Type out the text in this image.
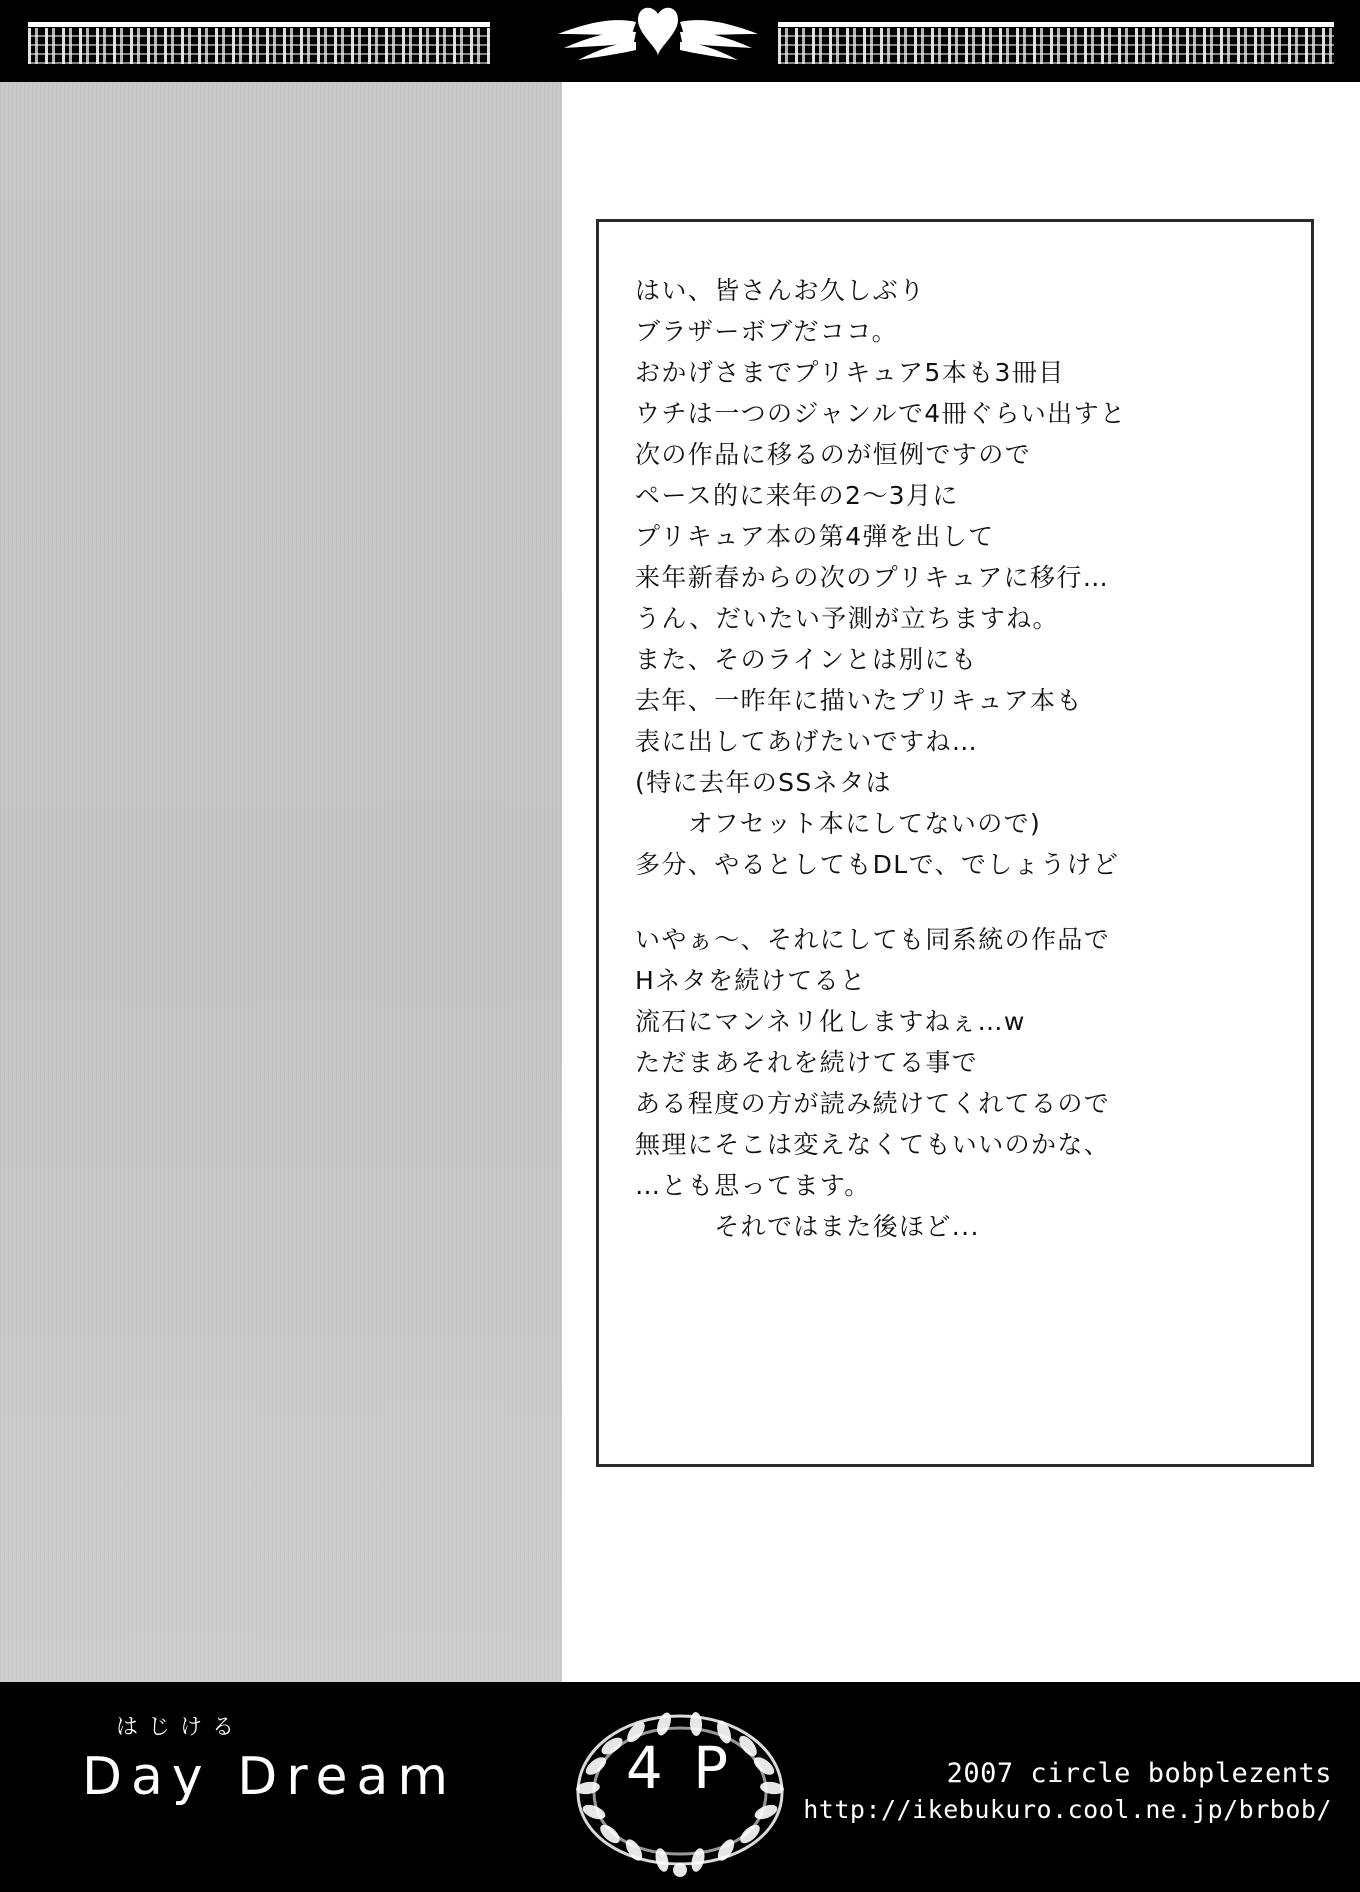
はい、皆さんお久しぶり
ブラザーボブだココ。
おかげさまでプリキュア5本も3冊目
ウチは一つのジャンルで4冊ぐらい出すと
次の作品に移るのが恒例ですので
ペース的に来年の2〜3月に
プリキュア本の第4弾を出して
来年新春からの次のプリキュアに移行…
うん、だいたい予測が立ちますね。
また、そのラインとは別にも
去年、一昨年に描いたプリキュア本も
表に出してあげたいですね…
(特に去年のSSネタは
　　オフセット本にしてないので)
多分、やるとしてもDLで、でしょうけど
いやぁ〜、それにしても同系統の作品で
Hネタを続けてると
流石にマンネリ化しますねぇ…w
ただまあそれを続けてる事で
ある程度の方が読み続けてくれてるので
無理にそこは変えなくてもいいのかな、
…とも思ってます。
　　　それではまた後ほど...
はじける
Day Dream	4 P	2007 circle bobplezents
http://ikebukuro.cool.ne.jp/brbob/
